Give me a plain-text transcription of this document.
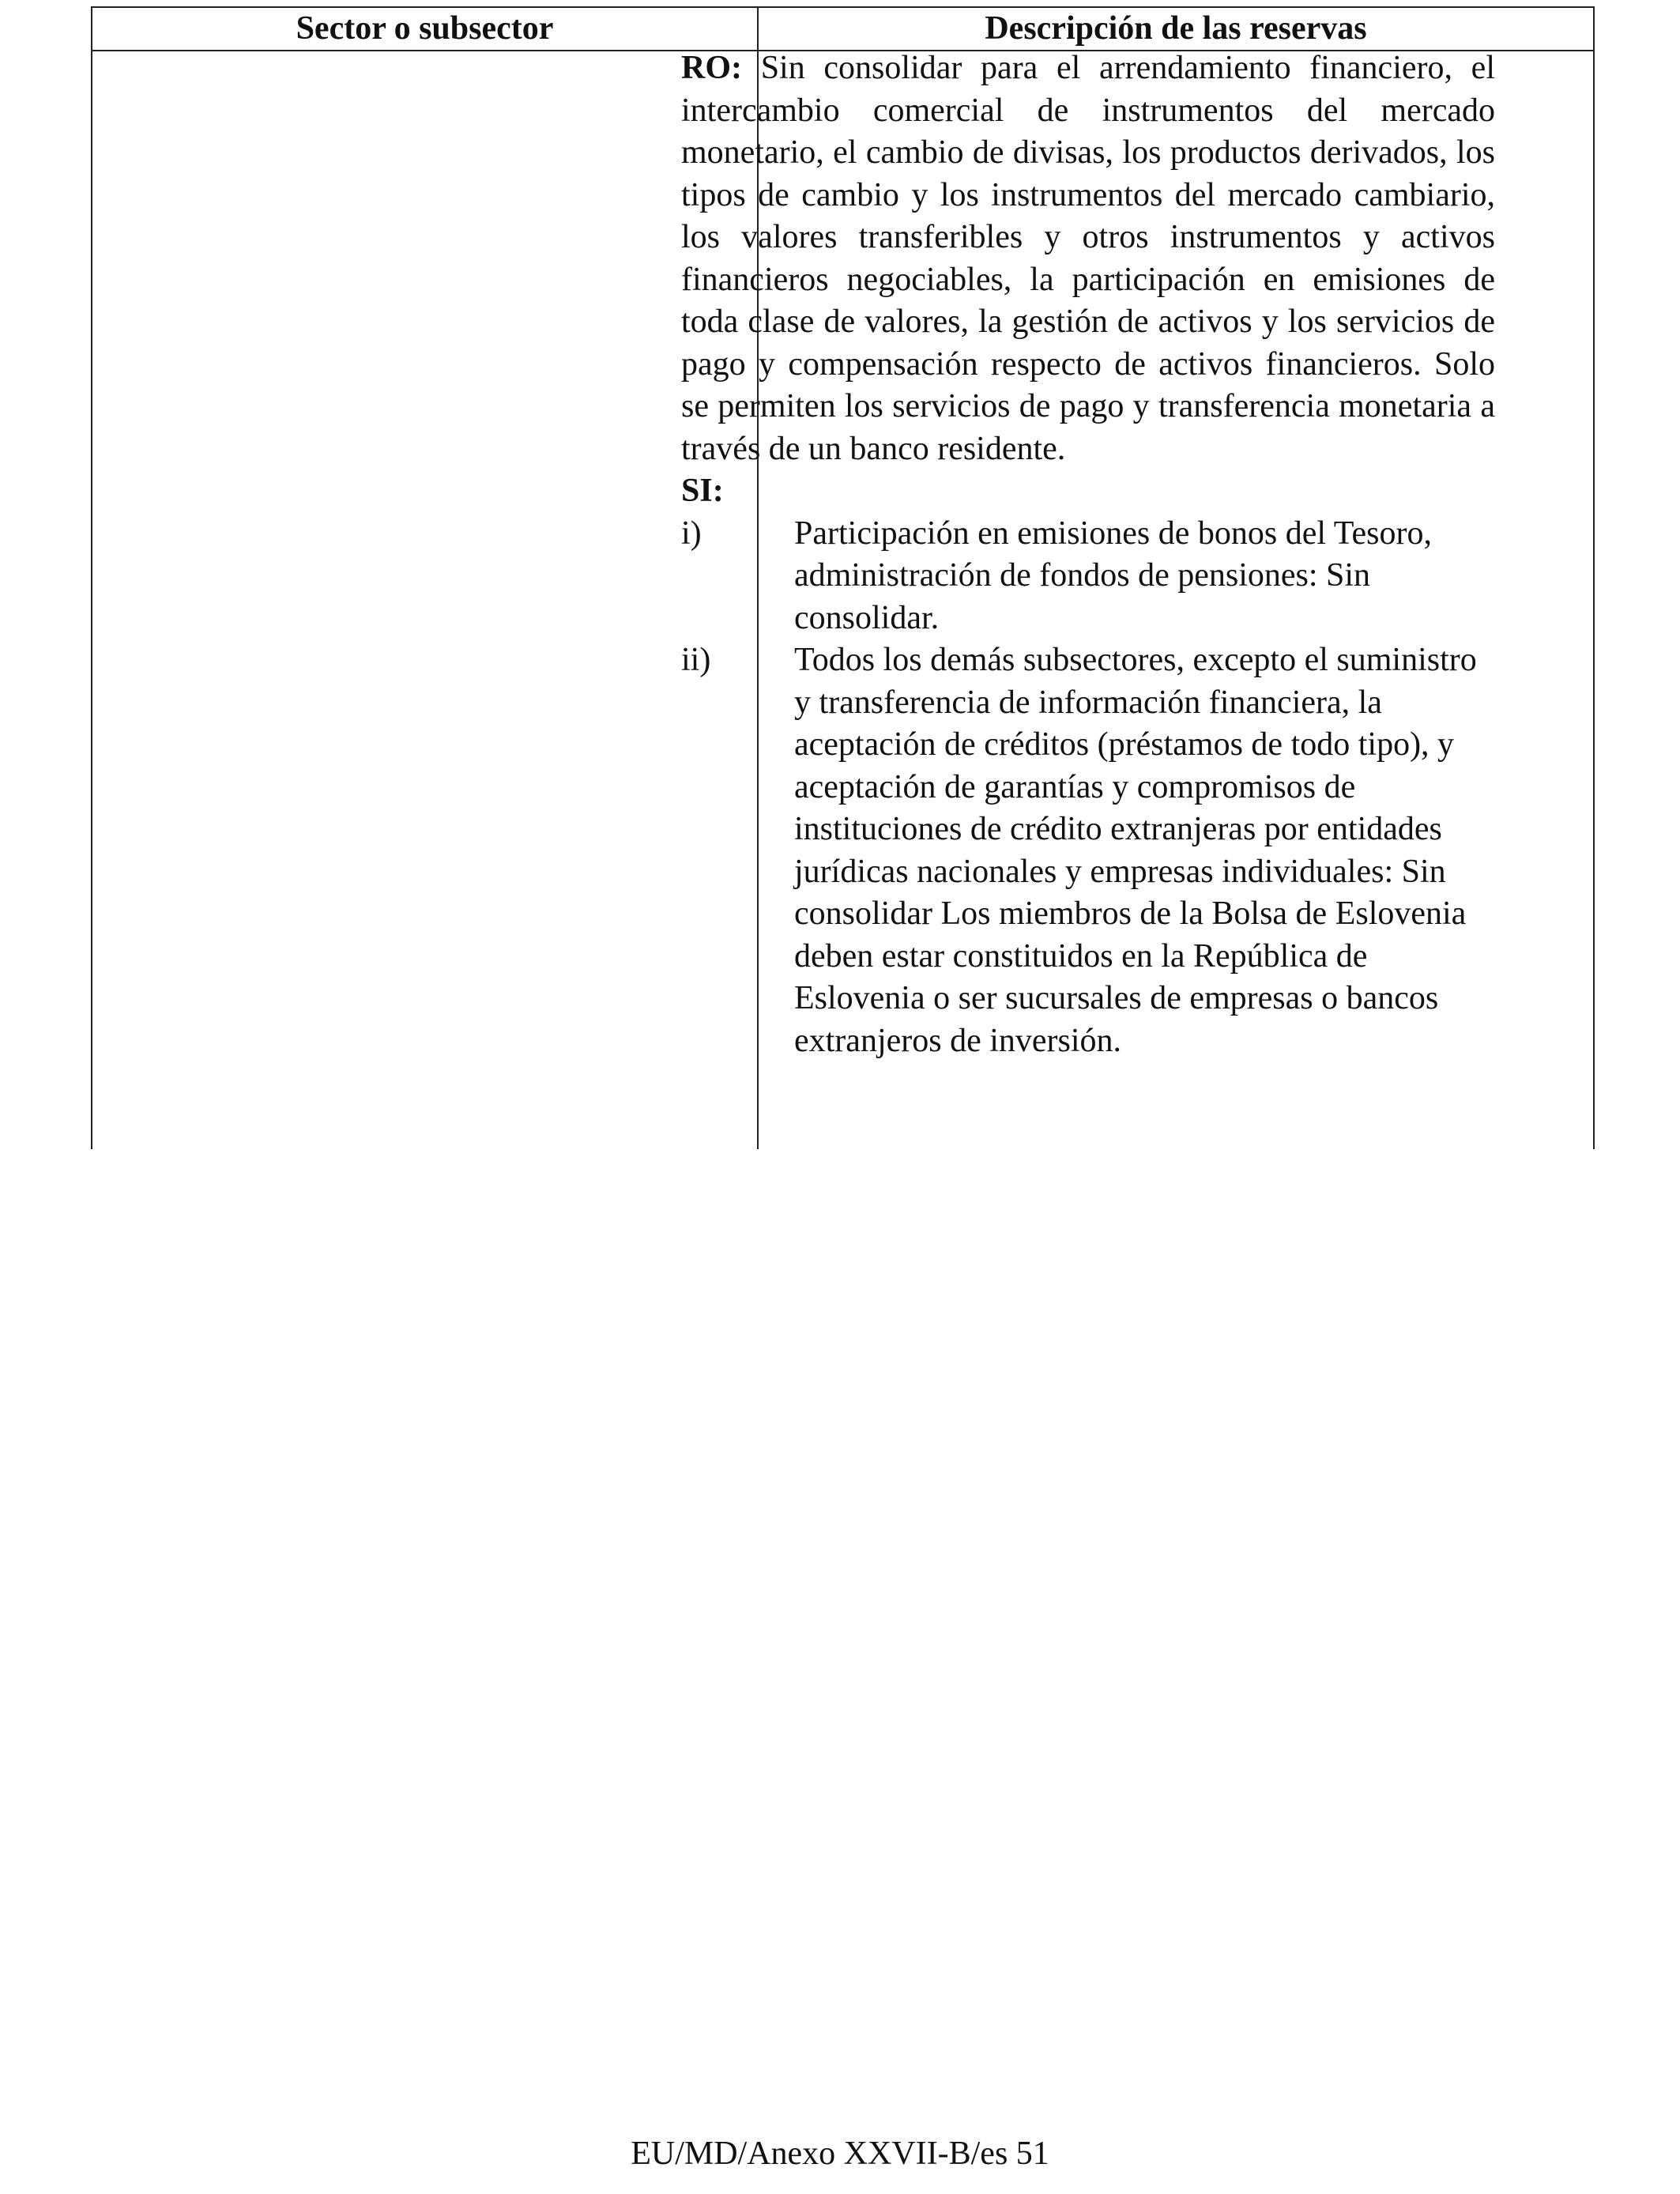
Sector o subsector	Descripción de las reservas

RO: Sin consolidar para el arrendamiento financiero, el intercambio comercial de instrumentos del mercado monetario, el cambio de divisas, los productos derivados, los tipos de cambio y los instrumentos del mercado cambiario, los valores transferibles y otros instrumentos y activos financieros negociables, la participación en emisiones de toda clase de valores, la gestión de activos y los servicios de pago y compensación respecto de activos financieros. Solo se permiten los servicios de pago y transferencia monetaria a través de un banco residente.

SI:

i)	Participación en emisiones de bonos del Tesoro, administración de fondos de pensiones: Sin consolidar.
ii)	Todos los demás subsectores, excepto el suministro y transferencia de información financiera, la aceptación de créditos (préstamos de todo tipo), y aceptación de garantías y compromisos de instituciones de crédito extranjeras por entidades jurídicas nacionales y empresas individuales: Sin consolidar Los miembros de la Bolsa de Eslovenia deben estar constituidos en la República de Eslovenia o ser sucursales de empresas o bancos extranjeros de inversión.
EU/MD/Anexo XXVII-B/es 51
